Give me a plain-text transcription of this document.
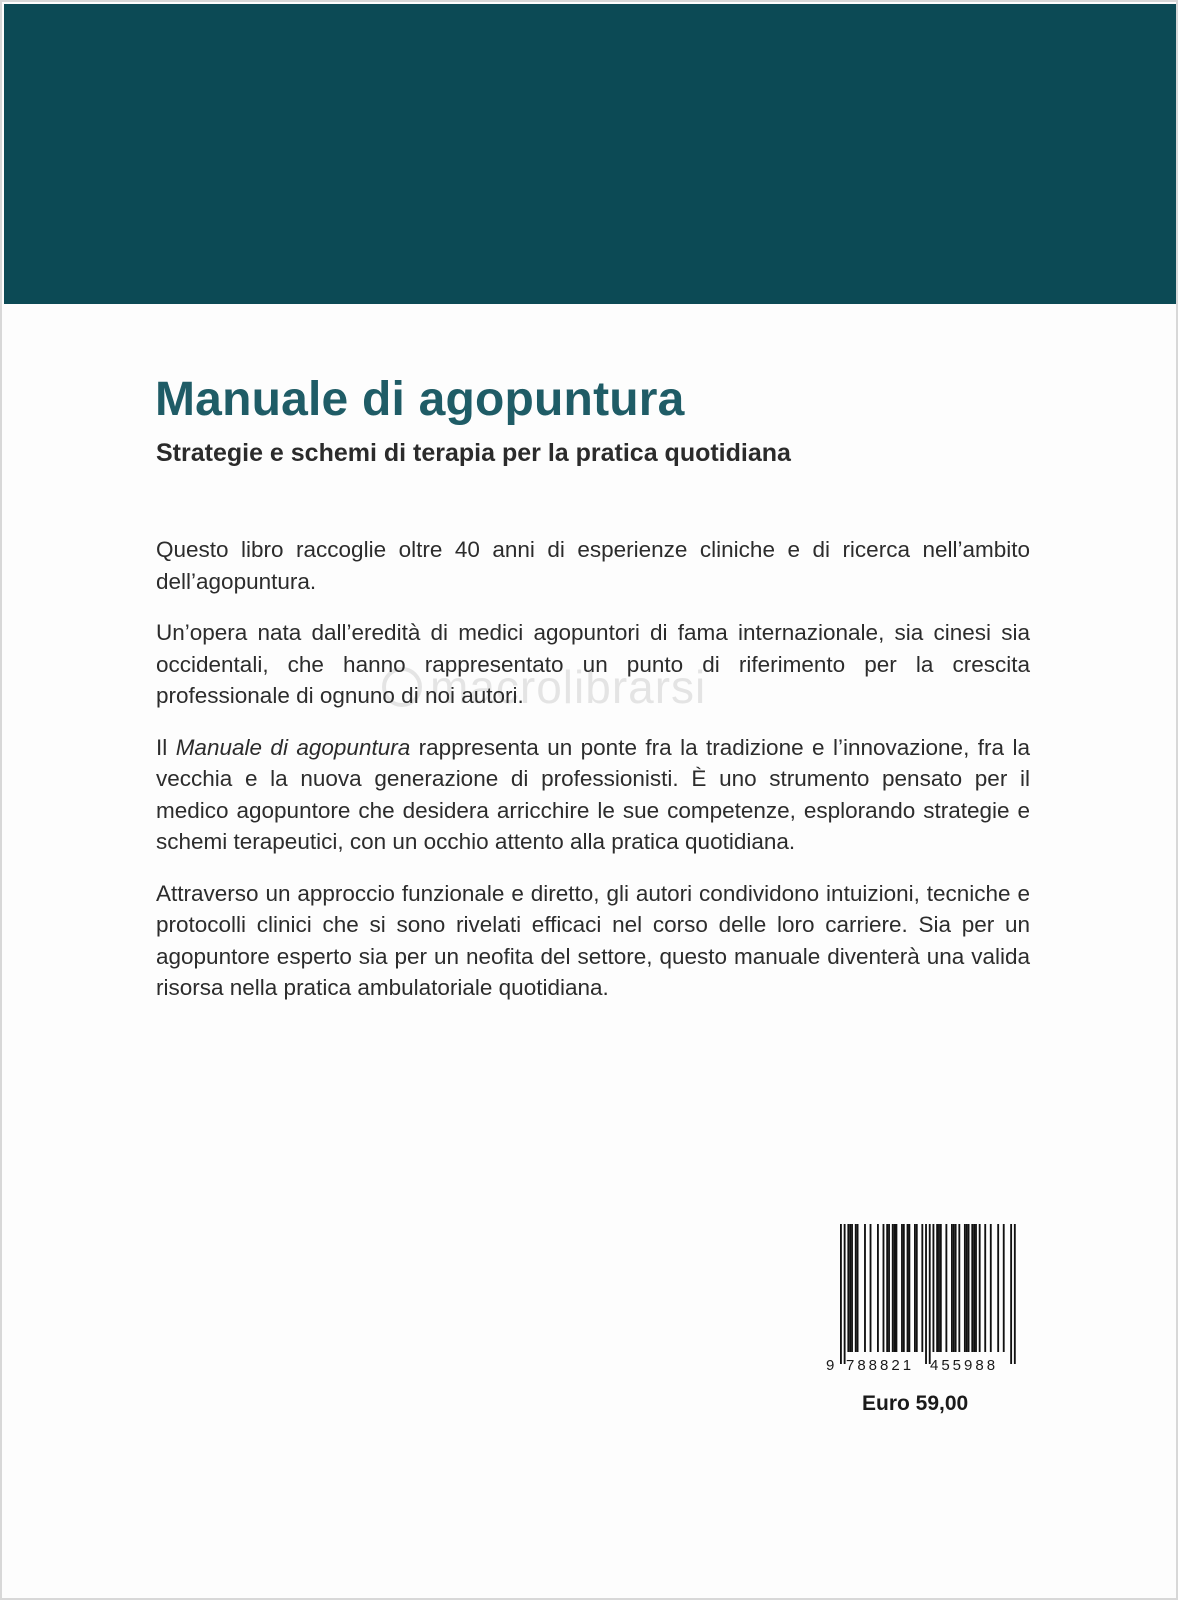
Manuale di agopuntura
Strategie e schemi di terapia per la pratica quotidiana
macrolibrarsi

Questo libro raccoglie oltre 40 anni di esperienze cliniche e di ricerca nell’ambito dell’agopuntura.

Un’opera nata dall’eredità di medici agopuntori di fama internazionale, sia cinesi sia occidentali, che hanno rappresentato un punto di riferimento per la crescita professionale di ognuno di noi autori.

Il Manuale di agopuntura rappresenta un ponte fra la tradizione e l’innovazione, fra la vecchia e la nuova generazione di professionisti. È uno strumento pensato per il medico agopuntore che desidera arricchire le sue competenze, esplorando strategie e schemi terapeutici, con un occhio attento alla pratica quotidiana.

Attraverso un approccio funzionale e diretto, gli autori condividono intuizioni, tecniche e protocolli clinici che si sono rivelati efficaci nel corso delle loro carriere. Sia per un agopuntore esperto sia per un neofita del settore, questo manuale diventerà una valida risorsa nella pratica ambulatoriale quotidiana.

9 788821 455988
Euro 59,00
